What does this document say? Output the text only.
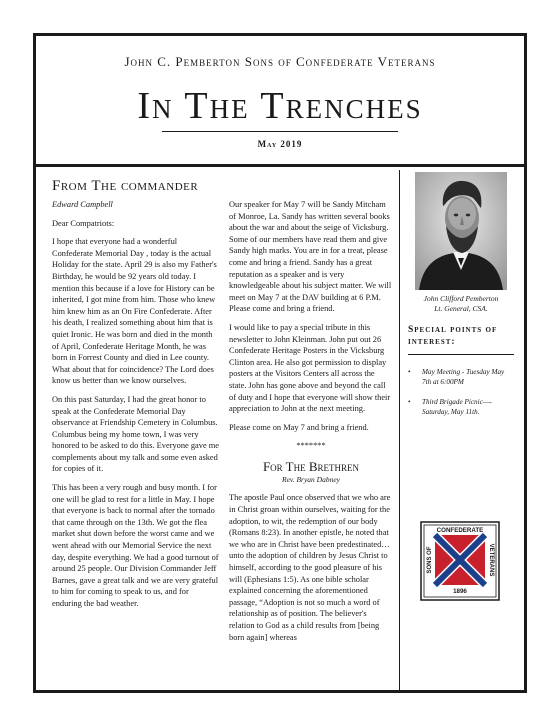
John C. Pemberton Sons of Confederate Veterans
In The Trenches
May 2019
From The commander

Edward Campbell

Dear Compatriots:

I hope that everyone had a wonderful Confederate Memorial Day , today is the actual Holiday for the state. April 29 is also my Father's Birthday, he would be 92 years old today. I mention this because if a love for History can be inherited, I got mine from him. Those who knew him knew him as an On Fire Confederate. After his death, I realized something about him that is quiet Ironic. He was born and died in the month of April, Confederate Heritage Month, he was born in Forrest County and died in Lee county. What about that for coincidence? The Lord does know us better than we know ourselves.

On this past Saturday, I had the great honor to speak at the Confederate Memorial Day observance at Friendship Cemetery in Columbus. Columbus being my home town, I was very honored to be asked to do this. Everyone gave me complements about my talk and some even asked for copies of it.

This has been a very rough and busy month. I for one will be glad to rest for a little in May. I hope that everyone is back to normal after the tornado that came through on the 13th. We got the flea market shut down before the worst came and we went ahead with our Memorial Service the next day, despite everything. We had a good turnout of around 25 people. Our Division Commander Jeff Barnes, gave a great talk and we are very grateful to him for coming to speak to us, and for enduring the bad weather.

Our speaker for May 7 will be Sandy Mitcham of Monroe, La. Sandy has written several books about the war and about the seige of Vicksburg. Some of our members have read them and give Sandy high marks. You are in for a treat, please come and bring a friend. Sandy has a great reputation as a speaker and is very knowledgeable about his subject matter. We will meet on May 7 at the DAV building at 6 P.M. Please come and bring a friend.

I would like to pay a special tribute in this newsletter to John Kleinman. John put out 26 Confederate Heritage Posters in the Vicksburg Clinton area. He also got permission to display posters at the Visitors Centers all across the state. John has gone above and beyond the call of duty and I hope that everyone will show their appreciation to John at the next meeting.

Please come on May 7 and bring a friend.

*******

For The Brethren

Rev. Bryan Dabney

The apostle Paul once observed that we who are in Christ groan within ourselves, waiting for the adoption, to wit, the redemption of our body (Romans 8:23). In another epistle, he noted that we who are in Christ have been predestinated… unto the adoption of children by Jesus Christ to himself, according to the good pleasure of his will (Ephesians 1:5). As one bible scholar explained concerning the aforementioned passage, “Adoption is not so much a word of relationship as of position. The believer's relation to God as a child results from [being born again] whereas

John Clifford Pemberton
Lt. General, CSA.
Special points of interest:
• May Meeting - Tuesday May 7th at 6:00PM
• Third Brigade Picnic—-Saturday, May 11th.
CONFEDERATE
1896
SONS OF	VETERANS
